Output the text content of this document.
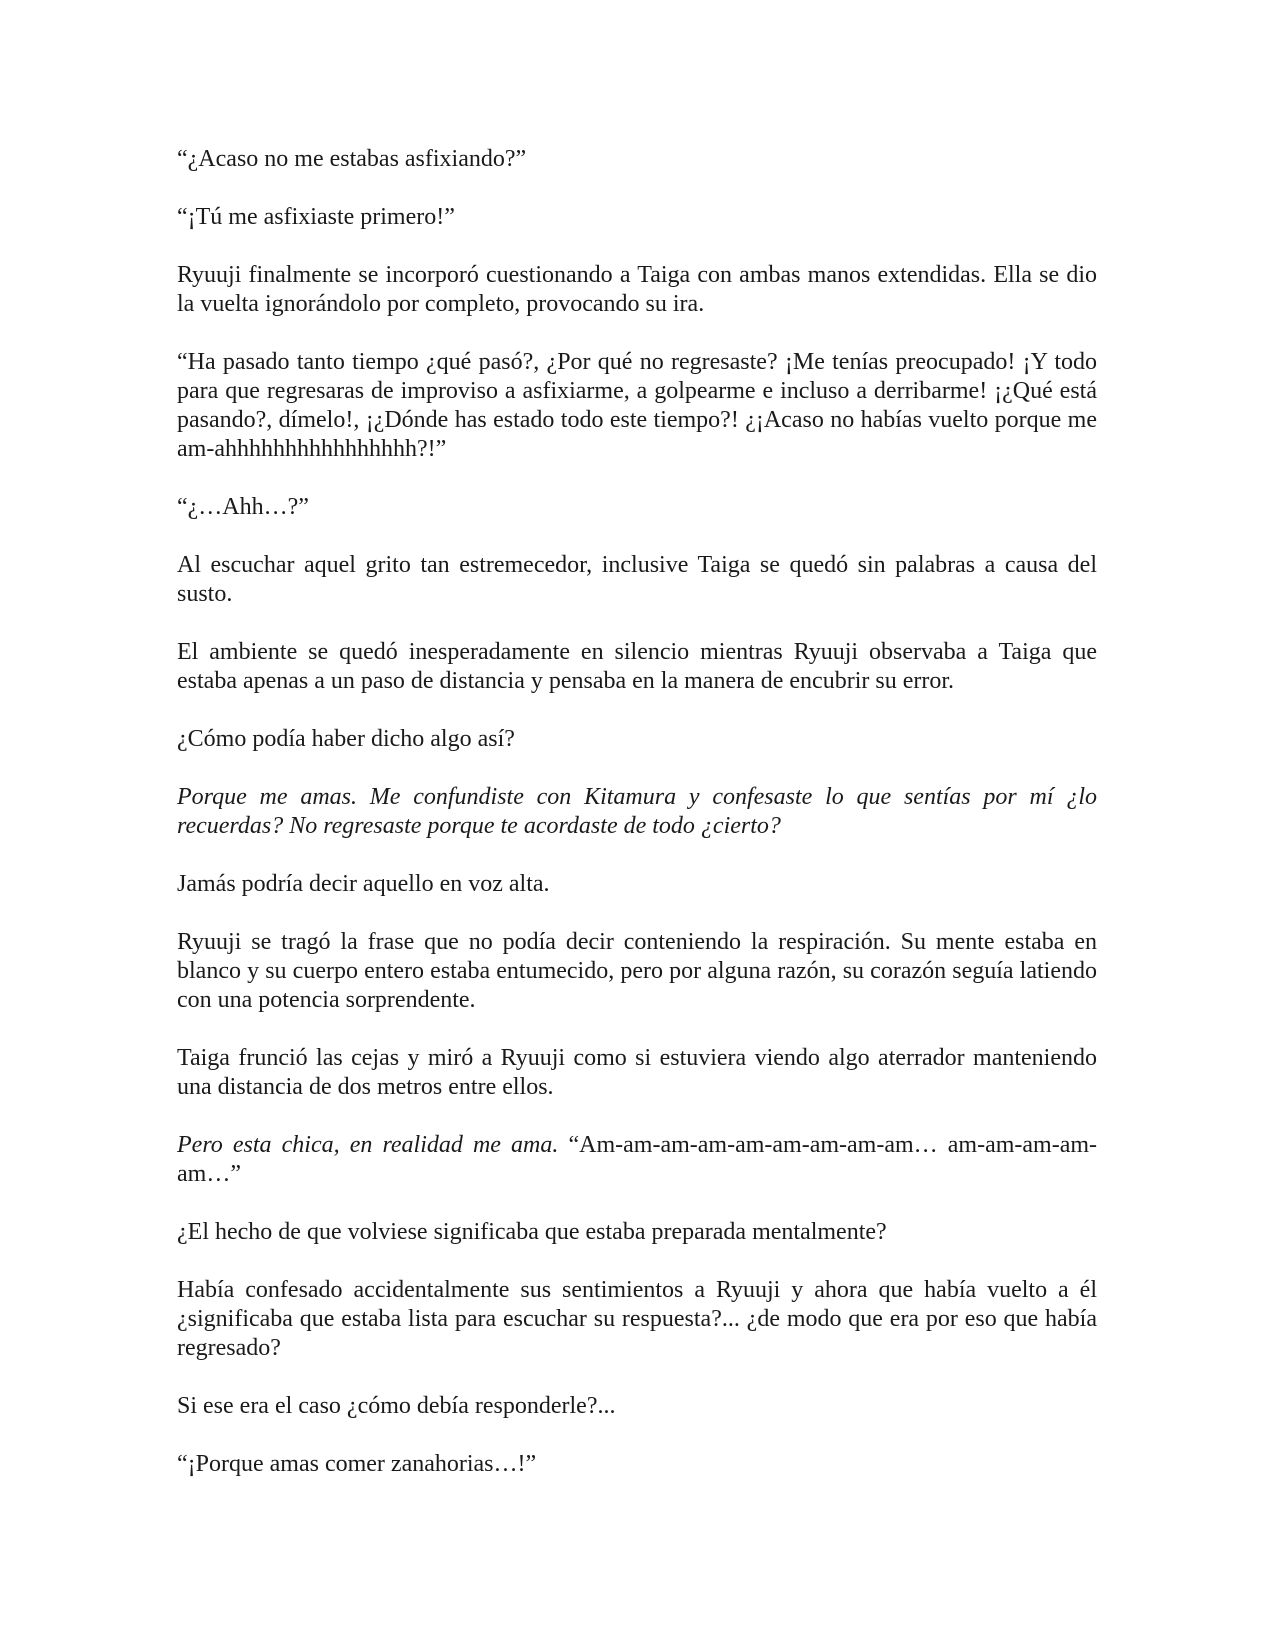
“¿Acaso no me estabas asfixiando?”

“¡Tú me asfixiaste primero!”

Ryuuji finalmente se incorporó cuestionando a Taiga con ambas manos extendidas. Ella se dio la vuelta ignorándolo por completo, provocando su ira.

“Ha pasado tanto tiempo ¿qué pasó?, ¿Por qué no regresaste? ¡Me tenías preocupado! ¡Y todo para que regresaras de improviso a asfixiarme, a golpearme e incluso a derribarme! ¡¿Qué está pasando?, dímelo!, ¡¿Dónde has estado todo este tiempo?! ¿¡Acaso no habías vuelto porque me am-ahhhhhhhhhhhhhhhh?!”

“¿…Ahh…?”

Al escuchar aquel grito tan estremecedor, inclusive Taiga se quedó sin palabras a causa del susto.

El ambiente se quedó inesperadamente en silencio mientras Ryuuji observaba a Taiga que estaba apenas a un paso de distancia y pensaba en la manera de encubrir su error.

¿Cómo podía haber dicho algo así?

Porque me amas. Me confundiste con Kitamura y confesaste lo que sentías por mí ¿lo recuerdas? No regresaste porque te acordaste de todo ¿cierto?

Jamás podría decir aquello en voz alta.

Ryuuji se tragó la frase que no podía decir conteniendo la respiración. Su mente estaba en blanco y su cuerpo entero estaba entumecido, pero por alguna razón, su corazón seguía latiendo con una potencia sorprendente.

Taiga frunció las cejas y miró a Ryuuji como si estuviera viendo algo aterrador manteniendo una distancia de dos metros entre ellos.

Pero esta chica, en realidad me ama. “Am-am-am-am-am-am-am-am-am… am-am-am-am-am…”

¿El hecho de que volviese significaba que estaba preparada mentalmente?

Había confesado accidentalmente sus sentimientos a Ryuuji y ahora que había vuelto a él ¿significaba que estaba lista para escuchar su respuesta?... ¿de modo que era por eso que había regresado?

Si ese era el caso ¿cómo debía responderle?...

“¡Porque amas comer zanahorias…!”
